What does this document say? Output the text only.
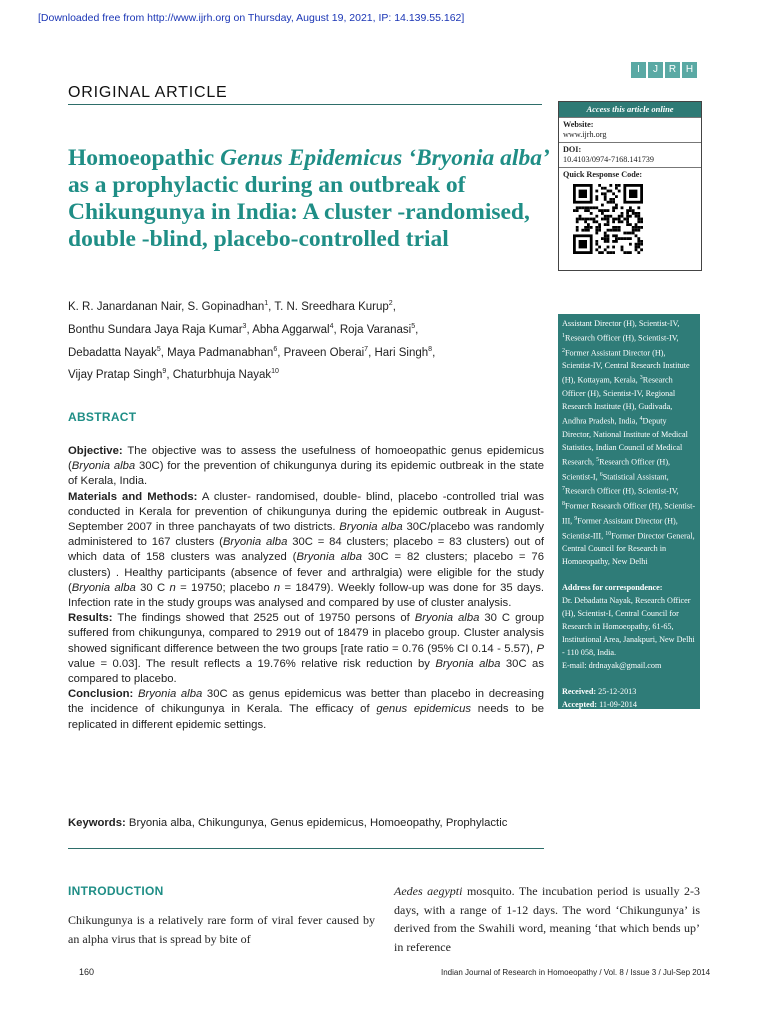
[Downloaded free from http://www.ijrh.org on Thursday, August 19, 2021, IP: 14.139.55.162]
I	J	R H
ORIGINAL ARTICLE
Homoeopathic Genus Epidemicus ‘Bryonia alba’ as a prophylactic during an outbreak of Chikungunya in India: A cluster -randomised, double -blind, placebo-controlled trial
Access this article online
Website:
www.ijrh.org
DOI:
10.4103/0974-7168.141739
Quick Response Code:
K. R. Janardanan Nair, S. Gopinadhan$^1$, T. N. Sreedhara Kurup$^2$,
Bonthu Sundara Jaya Raja Kumar$^3$, Abha Aggarwal$^4$, Roja Varanasi$^5$,
Debadatta Nayak$^5$, Maya Padmanabhan$^6$, Praveen Oberai$^7$, Hari Singh$^8$,
Vijay Pratap Singh$^9$, Chaturbhuja Nayak$^{10}$
Assistant Director (H), Scientist-IV, $^1$Research Officer (H), Scientist-IV, $^2$Former Assistant Director (H), Scientist-IV, Central Research Institute (H), Kottayam, Kerala, $^3$Research Officer (H), Scientist-IV, Regional Research Institute (H), Gudivada, Andhra Pradesh, India, $^4$Deputy Director, National Institute of Medical Statistics, Indian Council of Medical Research, $^5$Research Officer (H), Scientist-I, $^6$Statistical Assistant, $^7$Research Officer (H), Scientist-IV, $^8$Former Research Officer (H), Scientist-III, $^9$Former Assistant Director (H), Scientist-III, $^{10}$Former Director General, Central Council for Research in Homoeopathy, New Delhi
Address for correspondence:
Dr. Debadatta Nayak, Research Officer (H), Scientist-I, Central Council for Research in Homoeopathy, 61-65, Institutional Area, Janakpuri, New Delhi - 110 058, India.
E-mail: drdnayak@gmail.com
Received: 25-12-2013
Accepted: 11-09-2014
ABSTRACT

Objective: The objective was to assess the usefulness of homoeopathic genus epidemicus (Bryonia alba 30C) for the prevention of chikungunya during its epidemic outbreak in the state of Kerala, India.

Materials and Methods: A cluster- randomised, double- blind, placebo -controlled trial was conducted in Kerala for prevention of chikungunya during the epidemic outbreak in August-September 2007 in three panchayats of two districts. Bryonia alba 30C/placebo was randomly administered to 167 clusters (Bryonia alba 30C = 84 clusters; placebo = 83 clusters) out of which data of 158 clusters was analyzed (Bryonia alba 30C = 82 clusters; placebo = 76 clusters) . Healthy participants (absence of fever and arthralgia) were eligible for the study (Bryonia alba 30 C n = 19750; placebo n = 18479). Weekly follow-up was done for 35 days. Infection rate in the study groups was analysed and compared by use of cluster analysis.

Results: The findings showed that 2525 out of 19750 persons of Bryonia alba 30 C group suffered from chikungunya, compared to 2919 out of 18479 in placebo group. Cluster analysis showed significant difference between the two groups [rate ratio = 0.76 (95% CI 0.14 - 5.57), P value = 0.03]. The result reflects a 19.76% relative risk reduction by Bryonia alba 30C as compared to placebo.

Conclusion: Bryonia alba 30C as genus epidemicus was better than placebo in decreasing the incidence of chikungunya in Kerala. The efficacy of genus epidemicus needs to be replicated in different epidemic settings.

Keywords: Bryonia alba, Chikungunya, Genus epidemicus, Homoeopathy, Prophylactic
INTRODUCTION
Chikungunya is a relatively rare form of viral fever caused by an alpha virus that is spread by bite of
Aedes aegypti mosquito. The incubation period is usually 2-3 days, with a range of 1-12 days. The word ‘Chikungunya’ is derived from the Swahili word, meaning ‘that which bends up’ in reference
160	Indian Journal of Research in Homoeopathy / Vol. 8 / Issue 3 / Jul-Sep 2014
